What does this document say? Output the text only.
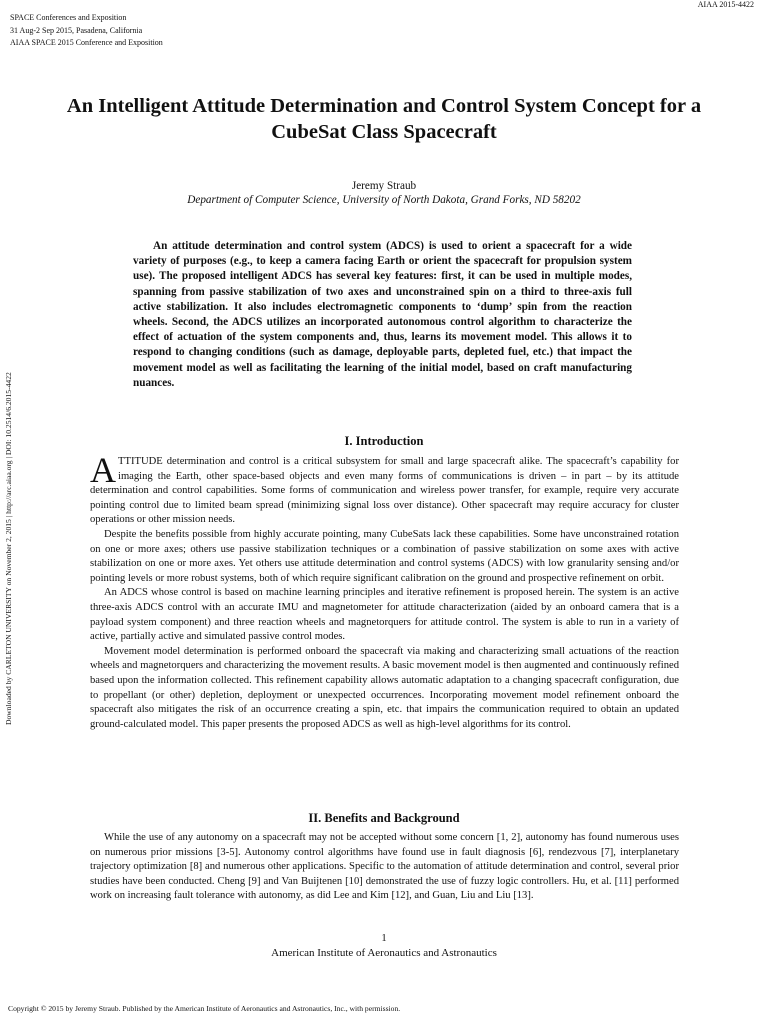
AIAA 2015-4422
SPACE Conferences and Exposition
31 Aug-2 Sep 2015, Pasadena, California
AIAA SPACE 2015 Conference and Exposition
Downloaded by CARLETON UNIVERSITY on November 2, 2015 | http://arc.aiaa.org | DOI: 10.2514/6.2015-4422
An Intelligent Attitude Determination and Control System Concept for a CubeSat Class Spacecraft
Jeremy Straub
Department of Computer Science, University of North Dakota, Grand Forks, ND 58202
An attitude determination and control system (ADCS) is used to orient a spacecraft for a wide variety of purposes (e.g., to keep a camera facing Earth or orient the spacecraft for propulsion system use). The proposed intelligent ADCS has several key features: first, it can be used in multiple modes, spanning from passive stabilization of two axes and unconstrained spin on a third to three-axis full active stabilization. It also includes electromagnetic components to ‘dump’ spin from the reaction wheels. Second, the ADCS utilizes an incorporated autonomous control algorithm to characterize the effect of actuation of the system components and, thus, learns its movement model. This allows it to respond to changing conditions (such as damage, deployable parts, depleted fuel, etc.) that impact the movement model as well as facilitating the learning of the initial model, based on craft manufacturing nuances.
I. Introduction

ATTITUDE determination and control is a critical subsystem for small and large spacecraft alike. The spacecraft’s capability for imaging the Earth, other space-based objects and even many forms of communications is driven – in part – by its attitude determination and control capabilities. Some forms of communication and wireless power transfer, for example, require very accurate pointing control due to limited beam spread (minimizing signal loss over distance). Other spacecraft may require accuracy for cluster operations or other mission needs.

Despite the benefits possible from highly accurate pointing, many CubeSats lack these capabilities. Some have unconstrained rotation on one or more axes; others use passive stabilization techniques or a combination of passive stabilization on some axes with active stabilization on one or more axes. Yet others use attitude determination and control systems (ADCS) with low granularity sensing and/or pointing levels or more robust systems, both of which require significant calibration on the ground and prospective refinement on orbit.

An ADCS whose control is based on machine learning principles and iterative refinement is proposed herein. The system is an active three-axis ADCS control with an accurate IMU and magnetometer for attitude characterization (aided by an onboard camera that is a payload system component) and three reaction wheels and magnetorquers for attitude control. The system is able to run in a variety of active, partially active and simulated passive control modes.

Movement model determination is performed onboard the spacecraft via making and characterizing small actuations of the reaction wheels and magnetorquers and characterizing the movement results. A basic movement model is then augmented and continuously refined based upon the information collected. This refinement capability allows automatic adaptation to a changing spacecraft configuration, due to propellant (or other) depletion, deployment or unexpected occurrences. Incorporating movement model refinement onboard the spacecraft also mitigates the risk of an occurrence creating a spin, etc. that impairs the communication required to obtain an updated ground-calculated model. This paper presents the proposed ADCS as well as high-level algorithms for its control.

II. Benefits and Background

While the use of any autonomy on a spacecraft may not be accepted without some concern [1, 2], autonomy has found numerous uses on numerous prior missions [3-5]. Autonomy control algorithms have found use in fault diagnosis [6], rendezvous [7], interplanetary trajectory optimization [8] and numerous other applications. Specific to the automation of attitude determination and control, several prior studies have been conducted. Cheng [9] and Van Buijtenen [10] demonstrated the use of fuzzy logic controllers. Hu, et al. [11] performed work on increasing fault tolerance with autonomy, as did Lee and Kim [12], and Guan, Liu and Liu [13].

1
American Institute of Aeronautics and Astronautics
Copyright © 2015 by Jeremy Straub. Published by the American Institute of Aeronautics and Astronautics, Inc., with permission.
